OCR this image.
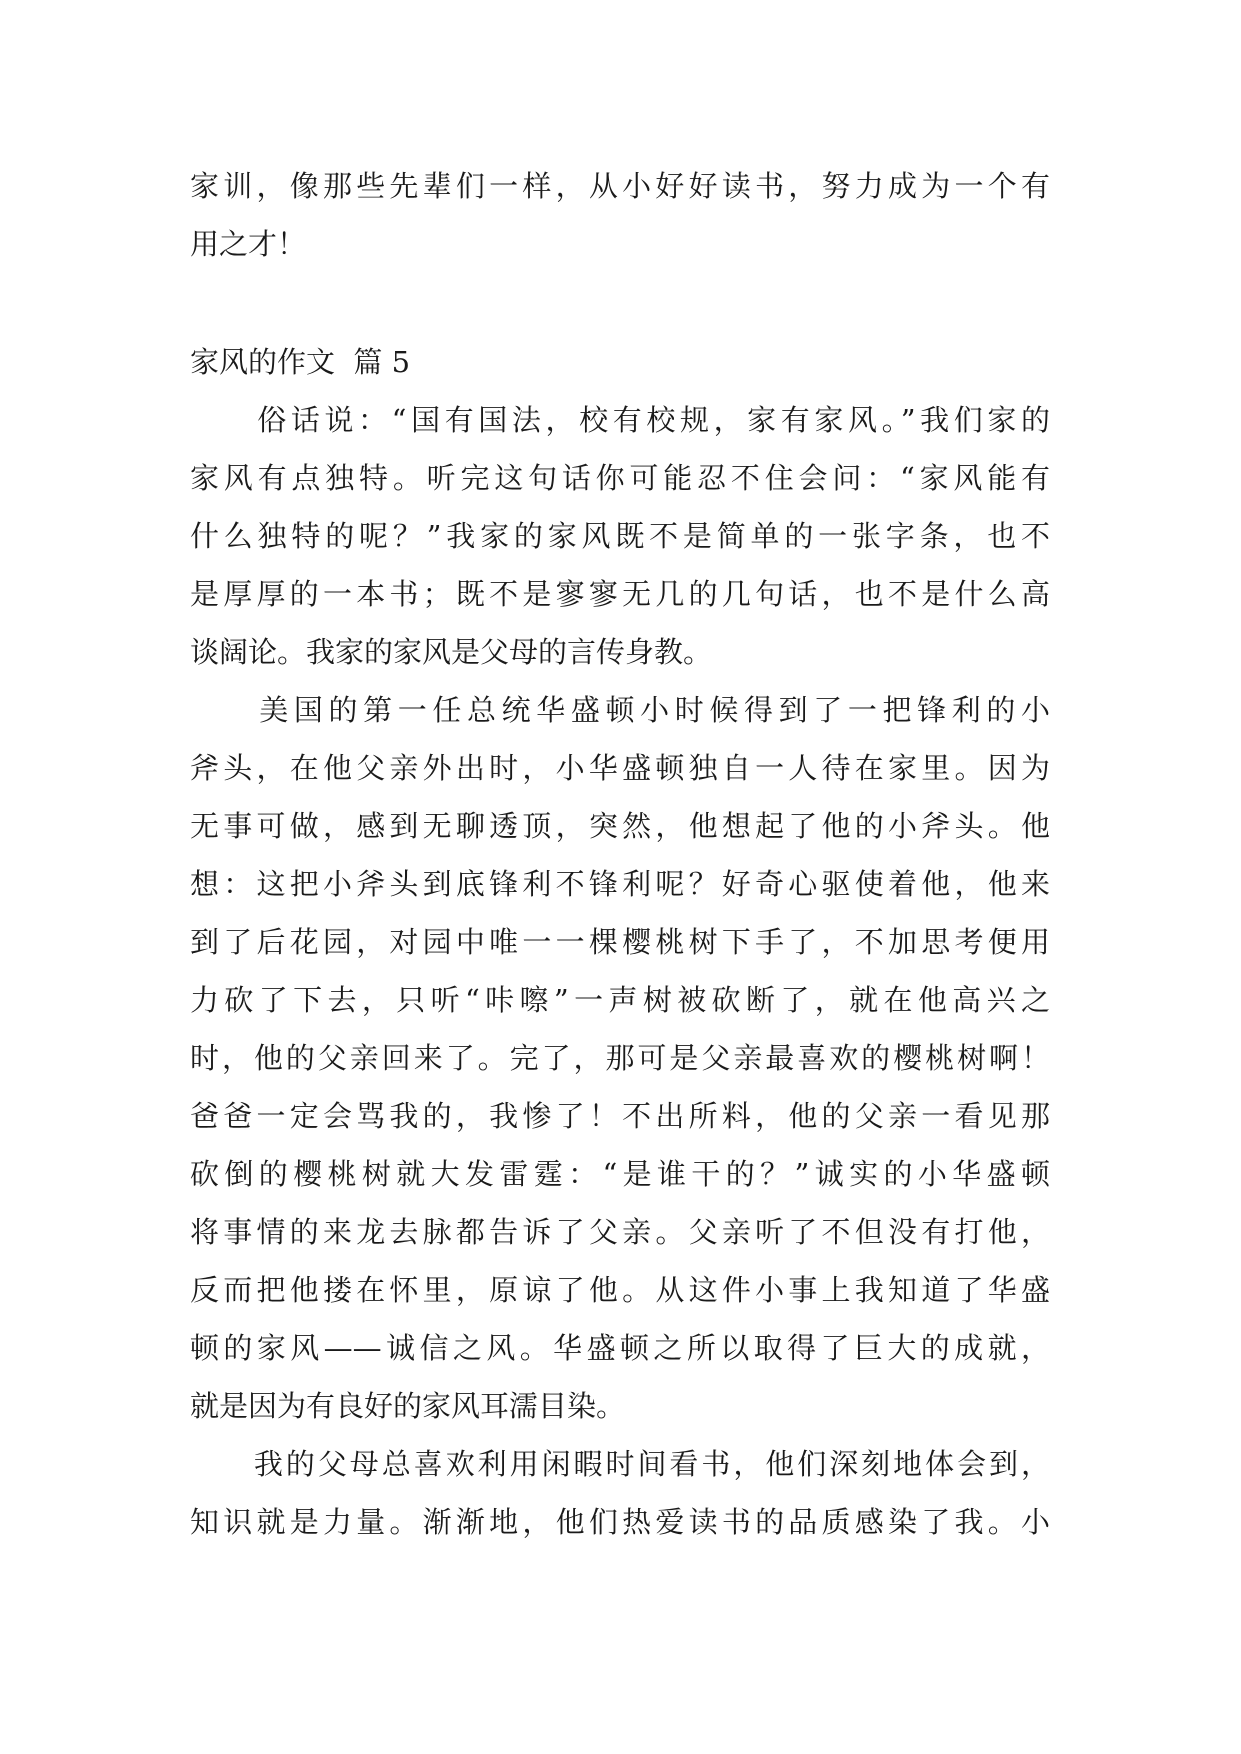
家训，像那些先辈们一样，从小好好读书，努力成为一个有
用之才！
家风的作文  篇 5
　　俗话说：“国有国法，校有校规，家有家风。”我们家的
家风有点独特。听完这句话你可能忍不住会问：“家风能有
什么独特的呢？”我家的家风既不是简单的一张字条，也不
是厚厚的一本书；既不是寥寥无几的几句话，也不是什么高
谈阔论。我家的家风是父母的言传身教。
　　美国的第一任总统华盛顿小时候得到了一把锋利的小
斧头，在他父亲外出时，小华盛顿独自一人待在家里。因为
无事可做，感到无聊透顶，突然，他想起了他的小斧头。他
想：这把小斧头到底锋利不锋利呢？好奇心驱使着他，他来
到了后花园，对园中唯一一棵樱桃树下手了，不加思考便用
力砍了下去，只听“咔嚓”一声树被砍断了，就在他高兴之
时，他的父亲回来了。完了，那可是父亲最喜欢的樱桃树啊！
爸爸一定会骂我的，我惨了！不出所料，他的父亲一看见那
砍倒的樱桃树就大发雷霆：“是谁干的？”诚实的小华盛顿
将事情的来龙去脉都告诉了父亲。父亲听了不但没有打他，
反而把他搂在怀里，原谅了他。从这件小事上我知道了华盛
顿的家风——诚信之风。华盛顿之所以取得了巨大的成就，
就是因为有良好的家风耳濡目染。
　　我的父母总喜欢利用闲暇时间看书，他们深刻地体会到，
知识就是力量。渐渐地，他们热爱读书的品质感染了我。小
